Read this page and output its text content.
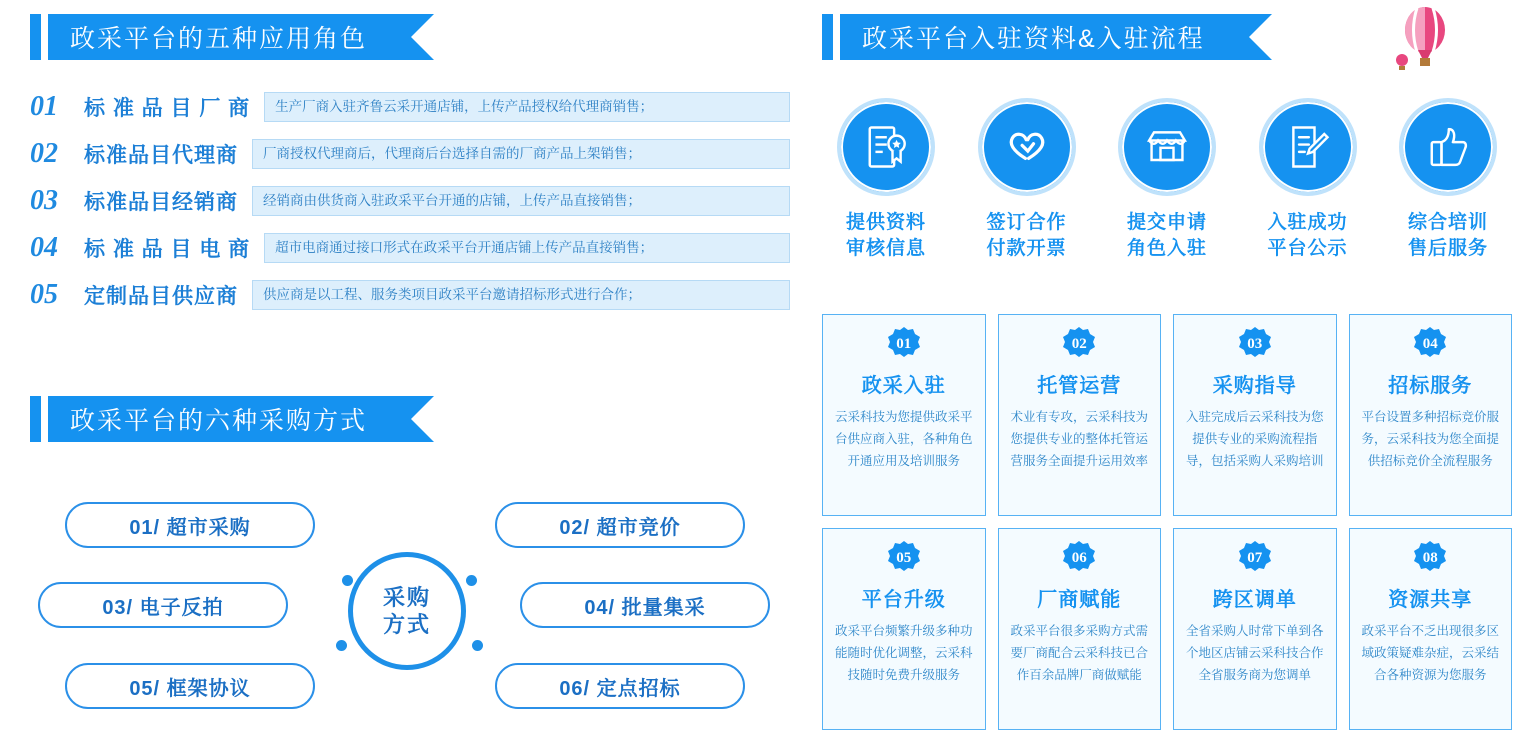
政采平台的五种应用角色
01	标 准 品 目 厂 商	生产厂商入驻齐鲁云采开通店铺，上传产品授权给代理商销售；
02	标准品目代理商	厂商授权代理商后，代理商后台选择自需的厂商产品上架销售；
03	标准品目经销商	经销商由供货商入驻政采平台开通的店铺，上传产品直接销售；
04	标 准 品 目 电 商	超市电商通过接口形式在政采平台开通店铺上传产品直接销售；
05	定制品目供应商	供应商是以工程、服务类项目政采平台邀请招标形式进行合作；
政采平台的六种采购方式
采购
方式
01/ 超市采购	02/ 超市竞价
03/ 电子反拍	04/ 批量集采
05/ 框架协议	06/ 定点招标
政采平台入驻资料&入驻流程
提供资料
审核信息
签订合作
付款开票
提交申请
角色入驻
入驻成功
平台公示
综合培训
售后服务
01
政采入驻
云采科技为您提供政采平台供应商入驻，各种角色开通应用及培训服务
02
托管运营
术业有专攻，云采科技为您提供专业的整体托管运营服务全面提升运用效率
03
采购指导
入驻完成后云采科技为您提供专业的采购流程指导，包括采购人采购培训
04
招标服务
平台设置多种招标竞价服务，云采科技为您全面提供招标竞价全流程服务
05
平台升级
政采平台频繁升级多种功能随时优化调整，云采科技随时免费升级服务
06
厂商赋能
政采平台很多采购方式需要厂商配合云采科技已合作百余品牌厂商做赋能
07
跨区调单
全省采购人时常下单到各个地区店铺云采科技合作全省服务商为您调单
08
资源共享
政采平台不乏出现很多区域政策疑难杂症，云采结合各种资源为您服务
